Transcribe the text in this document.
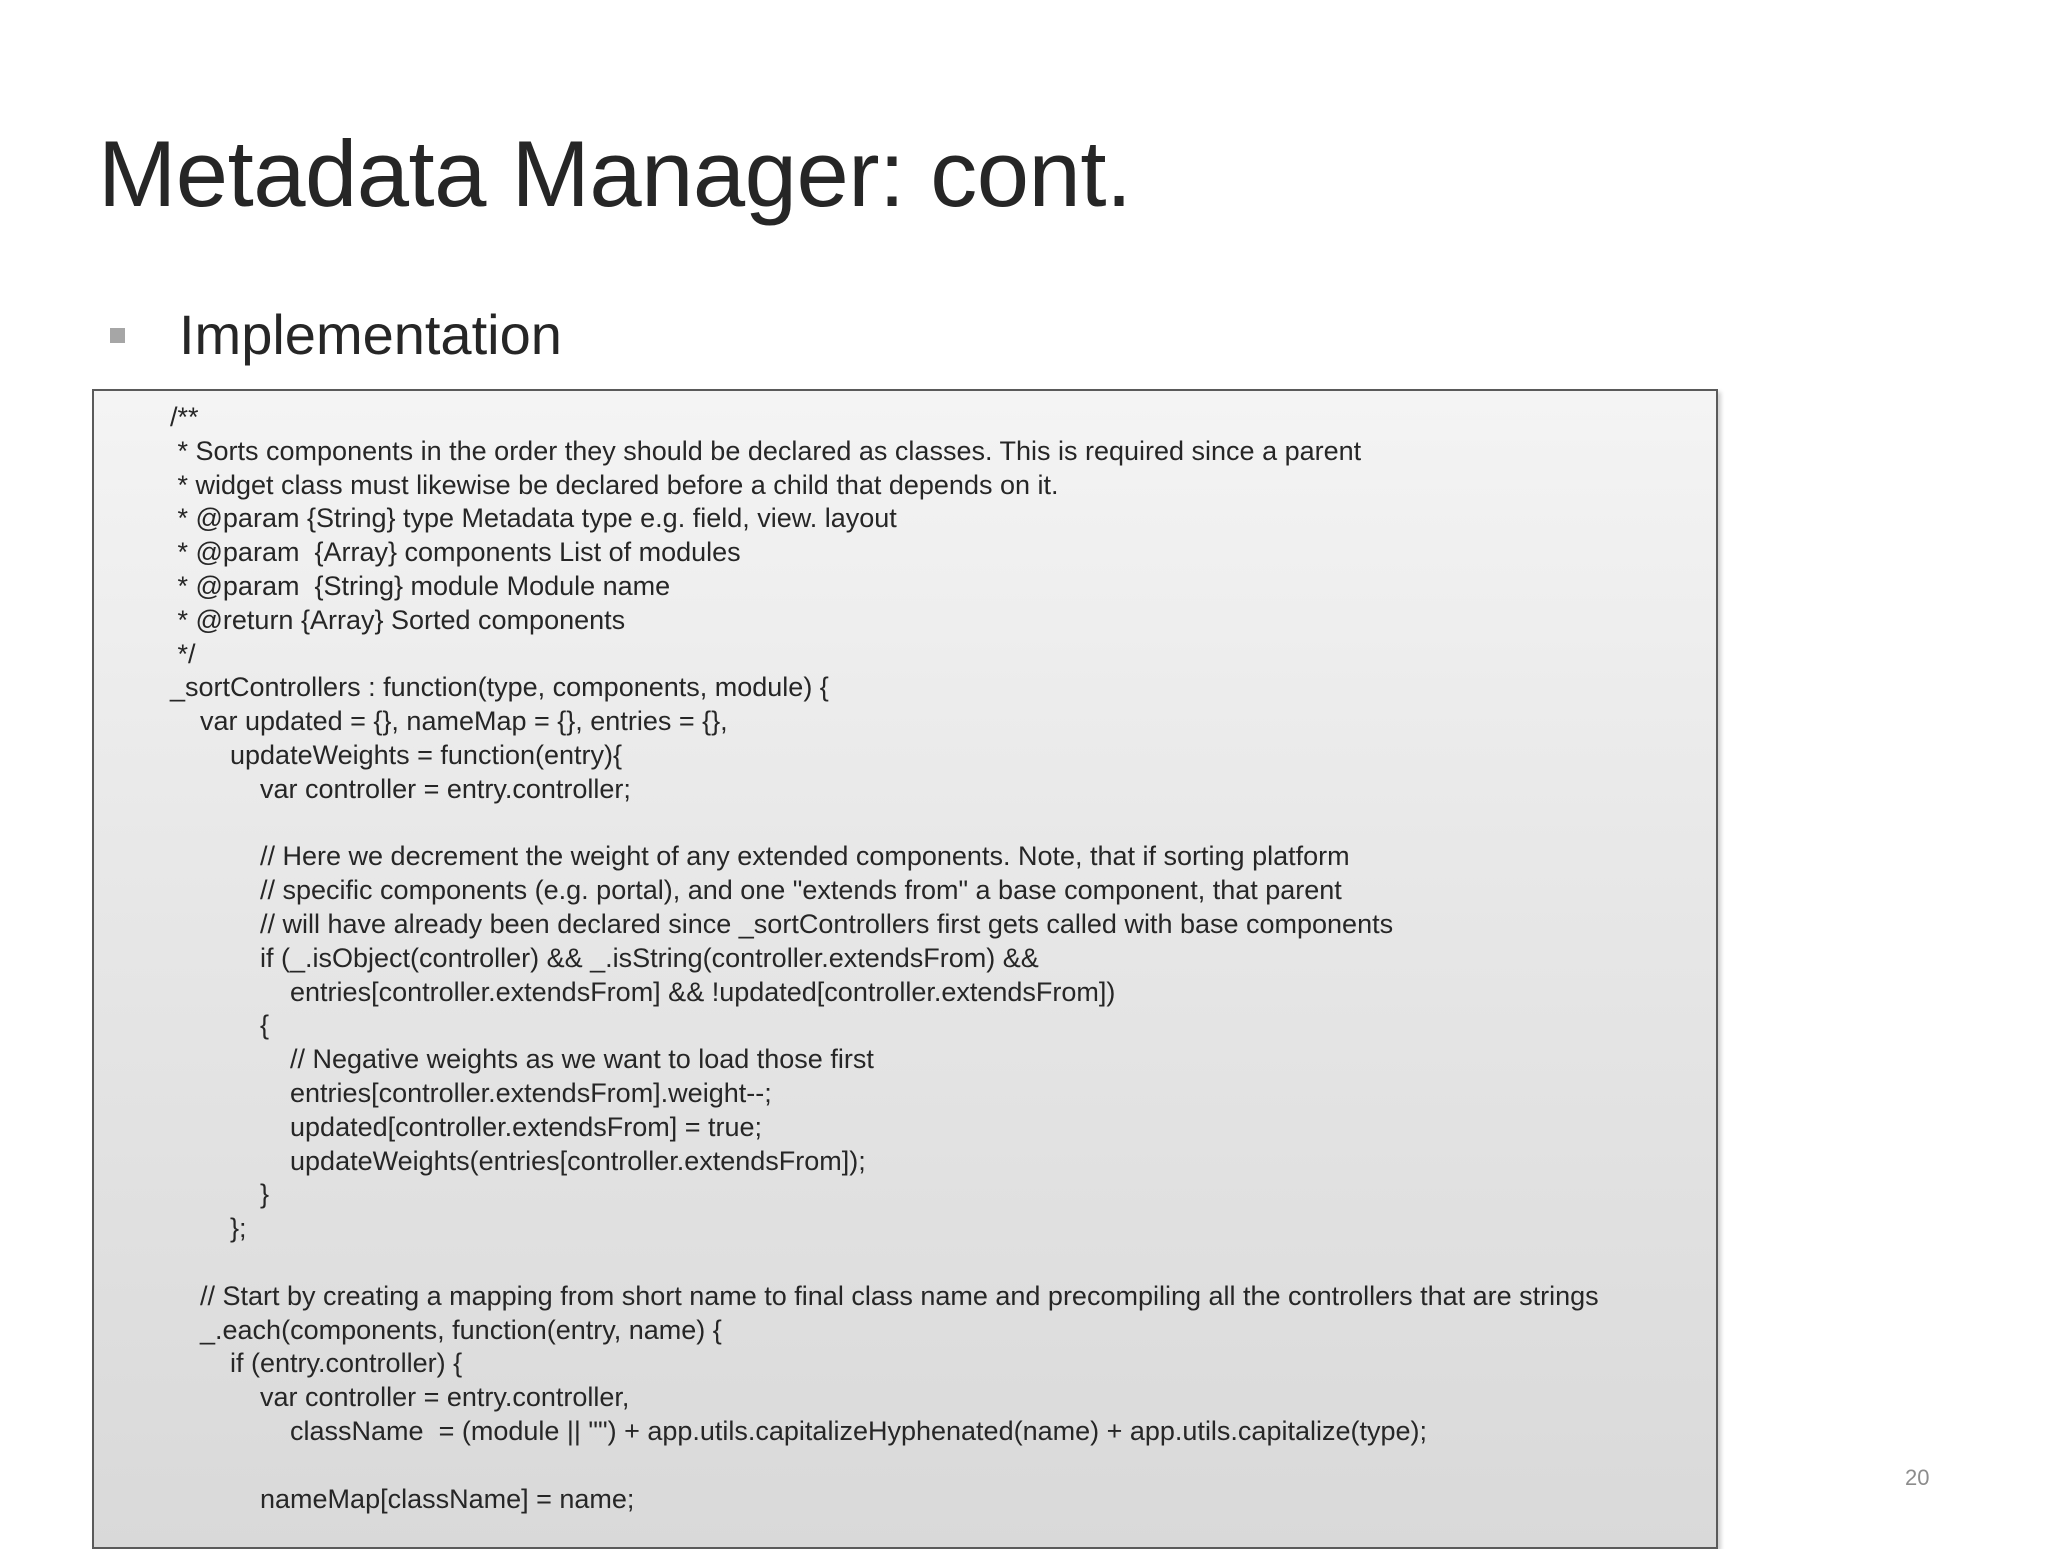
Metadata Manager: cont.
Implementation
/**
* Sorts components in the order they should be declared as classes. This is required since a parent
* widget class must likewise be declared before a child that depends on it.
* @param {String} type Metadata type e.g. field, view. layout
* @param  {Array} components List of modules
* @param  {String} module Module name
* @return {Array} Sorted components
*/
_sortControllers : function(type, components, module) {
var updated = {}, nameMap = {}, entries = {},
updateWeights = function(entry){
var controller = entry.controller;
// Here we decrement the weight of any extended components. Note, that if sorting platform
// specific components (e.g. portal), and one "extends from" a base component, that parent
// will have already been declared since _sortControllers first gets called with base components
if (_.isObject(controller) && _.isString(controller.extendsFrom) &&
entries[controller.extendsFrom] && !updated[controller.extendsFrom])
{
// Negative weights as we want to load those first
entries[controller.extendsFrom].weight--;
updated[controller.extendsFrom] = true;
updateWeights(entries[controller.extendsFrom]);
}
};
// Start by creating a mapping from short name to final class name and precompiling all the controllers that are strings
_.each(components, function(entry, name) {
if (entry.controller) {
var controller = entry.controller,
className  = (module || "") + app.utils.capitalizeHyphenated(name) + app.utils.capitalize(type);
nameMap[className] = name;
20
